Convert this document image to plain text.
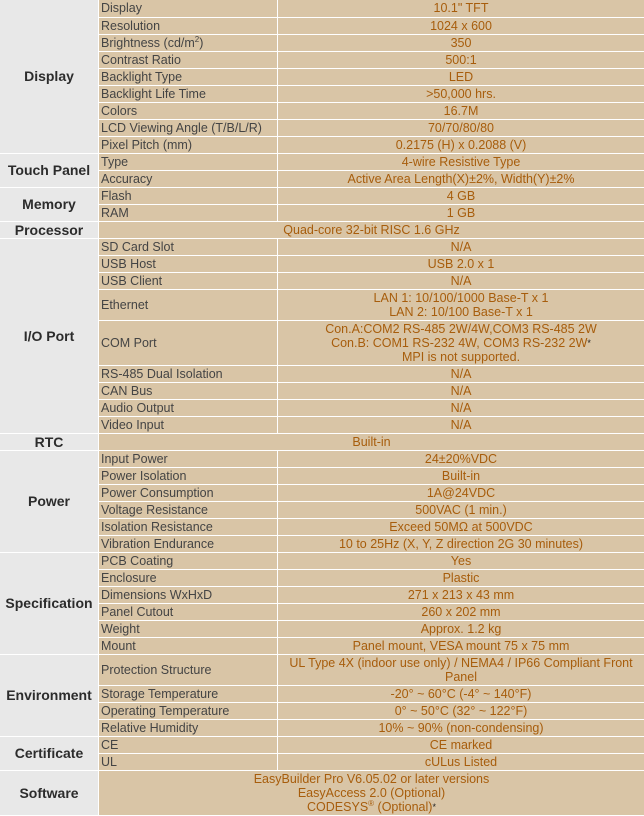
Display	Display	10.1" TFT
	Resolution	1024 x 600
	Brightness $(cd/m^2)$	350
	Contrast Ratio	500:1
	Backlight Type	LED
	Backlight Life Time	>50,000 hrs.
	Colors	16.7M
	LCD Viewing Angle (T/B/L/R)	70/70/80/80
	Pixel Pitch (mm)	0.2175 (H) x 0.2088 (V)
Touch Panel	Type	4-wire Resistive Type
	Accuracy	Active Area Length(X)±2%, Width(Y)±2%
Memory	Flash	4 GB
	RAM	1 GB
Processor	Quad-core 32-bit RISC 1.6 GHz	
I/O Port	SD Card Slot	N/A
	USB Host	USB 2.0 x 1
	USB Client	N/A
	Ethernet	LAN 1: 10/100/1000 Base-T x 1
LAN 2: 10/100 Base-T x 1

	COM Port	Con.A:COM2 RS-485 2W/4W,COM3 RS-485 2W
Con.B: COM1 RS-232 4W, COM3 RS-232 2W*
MPI is not supported.

	RS-485 Dual Isolation	N/A
	CAN Bus	N/A
	Audio Output	N/A
	Video Input	N/A
RTC	Built-in	
Power	Input Power	24±20%VDC
	Power Isolation	Built-in
	Power Consumption	1A@24VDC
	Voltage Resistance	500VAC (1 min.)
	Isolation Resistance	Exceed 50MΩ at 500VDC
	Vibration Endurance	10 to 25Hz (X, Y, Z direction 2G 30 minutes)
Specification	PCB Coating	Yes
	Enclosure	Plastic
	Dimensions WxHxD	271 x 213 x 43 mm
	Panel Cutout	260 x 202 mm
	Weight	Approx. 1.2 kg
	Mount	Panel mount, VESA mount 75 x 75 mm
Environment	Protection Structure	UL Type 4X (indoor use only) / NEMA4 / IP66 Compliant Front
Panel

	Storage Temperature	-20° ~ 60°C (-4° ~ 140°F)
	Operating Temperature	0° ~ 50°C (32° ~ 122°F)
	Relative Humidity	10% ~ 90% (non-condensing)
Certificate	CE	CE marked
	UL	cULus Listed
Software	EasyBuilder Pro V6.05.02 or later versions
EasyAccess 2.0 (Optional)
CODESYS® (Optional)*
